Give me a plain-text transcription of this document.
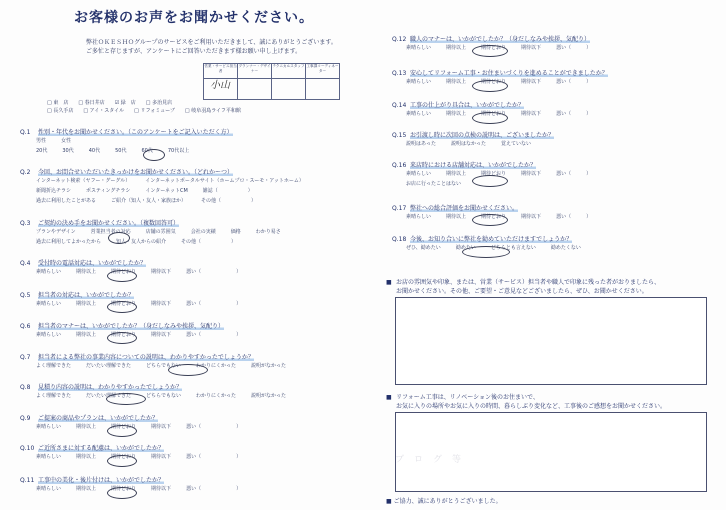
お客様のお声をお聞かせください。
弊社ＯＫＥＳＨＯグループのサービスをご利用いただきまして、誠にありがとうございます。
ご多忙と存じますが、アンケートにご回答いただきます様お願い申し上げます。
営業・サービス担当者	プランナー・デザイナー	テクニカルスタッフ	工事課コーディネーター

小山			

□ 東　店 □ 春日井店 ☑ 緑　店 □ 多治見店
□ 長久手店 □ アイ・スタイル □ リフォミューブ □ 岐阜羽島ライフ平和館
Q.1 性別・年代をお聞かせください。（このアンケートをご記入いただく方）
男性	女性
20代	30代	40代	50代	60代	70代以上
Q.2 今回、お問合せいただいたきっかけをお聞かせください。（どれかーつ）
インターネット検索（ヤフー・グーグル）	インターネットポータルサイト（ホームプロ・スーモ・アットホーム）
新聞折込チラシ	ポスティングチラシ	インターネットCM	雑誌（　　　　　　）
過去に利用したことがある	ご紹介（知人・友人・家族ほか）	その他（　　　　　　）
Q.3 ご契約の決め手をお聞かせください。（複数回答可）
プランやデザイン	営業担当者の対応	店舗の雰囲気	会社の実績	価格	わかり易さ
過去に利用してよかったから	知人・友人からの紹介	その他（　　　　　　）
Q.4 受付時の電話対応は、いかがでしたか？
素晴らしい	期待以上	期待どおり	期待以下	悪い（　　　　　　　）
Q.5 担当者の対応は、いかがでしたか？
素晴らしい	期待以上	期待どおり	期待以下	悪い（　　　　　　　）
Q.6 担当者のマナーは、いかがでしたか？（身だしなみや挨拶、気配り）
素晴らしい	期待以上	期待どおり	期待以下	悪い（　　　　　　　）
Q.7 担当者による弊社の事業内容についての説明は、わかりやすかったでしょうか？
よく理解できた	だいたい理解できた	どちらでもない	わかりにくかった	説明がなかった
Q.8 見積り内容の説明は、わかりやすかったでしょうか？
よく理解できた	だいたい理解できた	どちらでもない	わかりにくかった	説明がなかった
Q.9 ご提案の商品やプランは、いかがでしたか？
素晴らしい	期待以上	期待どおり	期待以下	悪い（　　　　　　　）
Q.10 ご近所さまに対する配慮は、いかがでしたか？
素晴らしい	期待以上	期待どおり	期待以下	悪い（　　　　　　　）
Q.11 工事中の美化・後片付けは、いかがでしたか？
素晴らしい	期待以上	期待どおり	期待以下	悪い（　　　　　　　）
Q.12 職人のマナーは、いかがでしたか？（身だしなみや挨拶、気配り）
素晴らしい	期待以上	期待どおり	期待以下	悪い（　　　）
Q.13 安心してリフォーム工事・お住まいづくりを進めることができましたか？
素晴らしい	期待以上	期待どおり	期待以下	悪い（　　　）
Q.14 工事の仕上がり具合は、いかがでしたか？
素晴らしい	期待以上	期待どおり	期待以下	悪い（　　　）
Q.15 お引渡し時に次回の点検の説明は、ございましたか？
説明はあった	説明はなかった	覚えていない
Q.16 来店時における店舗対応は、いかがでしたか？
素晴らしい	期待以上	期待どおり	期待以下	悪い（　　　）
お店に行ったことはない
Q.17 弊社への総合評価をお聞かせください。
素晴らしい	期待以上	期待どおり	期待以下	悪い（　　　）
Q.18 今後、お知り合いに弊社を勧めていただけますでしょうか？
ぜひ、勧めたい	勧めたい	どちらとも言えない	勧めたくない
■ お店の雰囲気や印象、または、営業（サービス）担当者や職人で印象に残った者がおりましたら、
お聞かせください。その他、ご要望・ご意見などございましたら、ぜひ、お聞かせください。
■ リフォーム工事は、リノベーション後のお住まいで、
お気に入りの場所やお気に入りの時間、暮らしぶり変化など、工事後のご感想をお聞かせください。
ブログ等
■ ご協力、誠にありがとうございました。
